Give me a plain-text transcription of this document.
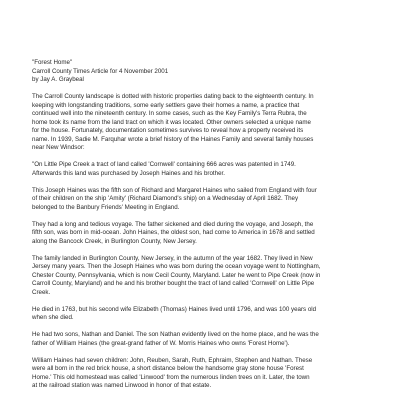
"Forest Home"
Carroll County Times Article for 4 November 2001
by Jay A. Graybeal
The Carroll County landscape is dotted with historic properties dating back to the eighteenth century. In
keeping with longstanding traditions, some early settlers gave their homes a name, a practice that
continued well into the nineteenth century. In some cases, such as the Key Family's Terra Rubra, the
home took its name from the land tract on which it was located. Other owners selected a unique name
for the house. Fortunately, documentation sometimes survives to reveal how a property received its
name. In 1939, Sadie M. Farquhar wrote a brief history of the Haines Family and several family houses
near New Windsor:
"On Little Pipe Creek a tract of land called 'Cornwell' containing 666 acres was patented in 1749.
Afterwards this land was purchased by Joseph Haines and his brother.
This Joseph Haines was the fifth son of Richard and Margaret Haines who sailed from England with four
of their children on the ship 'Amity' (Richard Diamond's ship) on a Wednesday of April 1682. They
belonged to the Banbury Friends' Meeting in England.
They had a long and tedious voyage. The father sickened and died during the voyage, and Joseph, the
fifth son, was born in mid-ocean. John Haines, the oldest son, had come to America in 1678 and settled
along the Bancock Creek, in Burlington County, New Jersey.
The family landed in Burlington County, New Jersey, in the autumn of the year 1682. They lived in New
Jersey many years. Then the Joseph Haines who was born during the ocean voyage went to Nottingham,
Chester County, Pennsylvania, which is now Cecil County, Maryland. Later he went to Pipe Creek (now in
Carroll County, Maryland) and he and his brother bought the tract of land called 'Cornwell' on Little Pipe
Creek.
He died in 1763, but his second wife Elizabeth (Thomas) Haines lived until 1796, and was 100 years old
when she died.
He had two sons, Nathan and Daniel. The son Nathan evidently lived on the home place, and he was the
father of William Haines (the great-grand father of W. Morris Haines who owns 'Forest Home').
William Haines had seven children: John, Reuben, Sarah, Ruth, Ephraim, Stephen and Nathan. These
were all born in the red brick house, a short distance below the handsome gray stone house 'Forest
Home.' This old homestead was called 'Linwood' from the numerous linden trees on it. Later, the town
at the railroad station was named Linwood in honor of that estate.
